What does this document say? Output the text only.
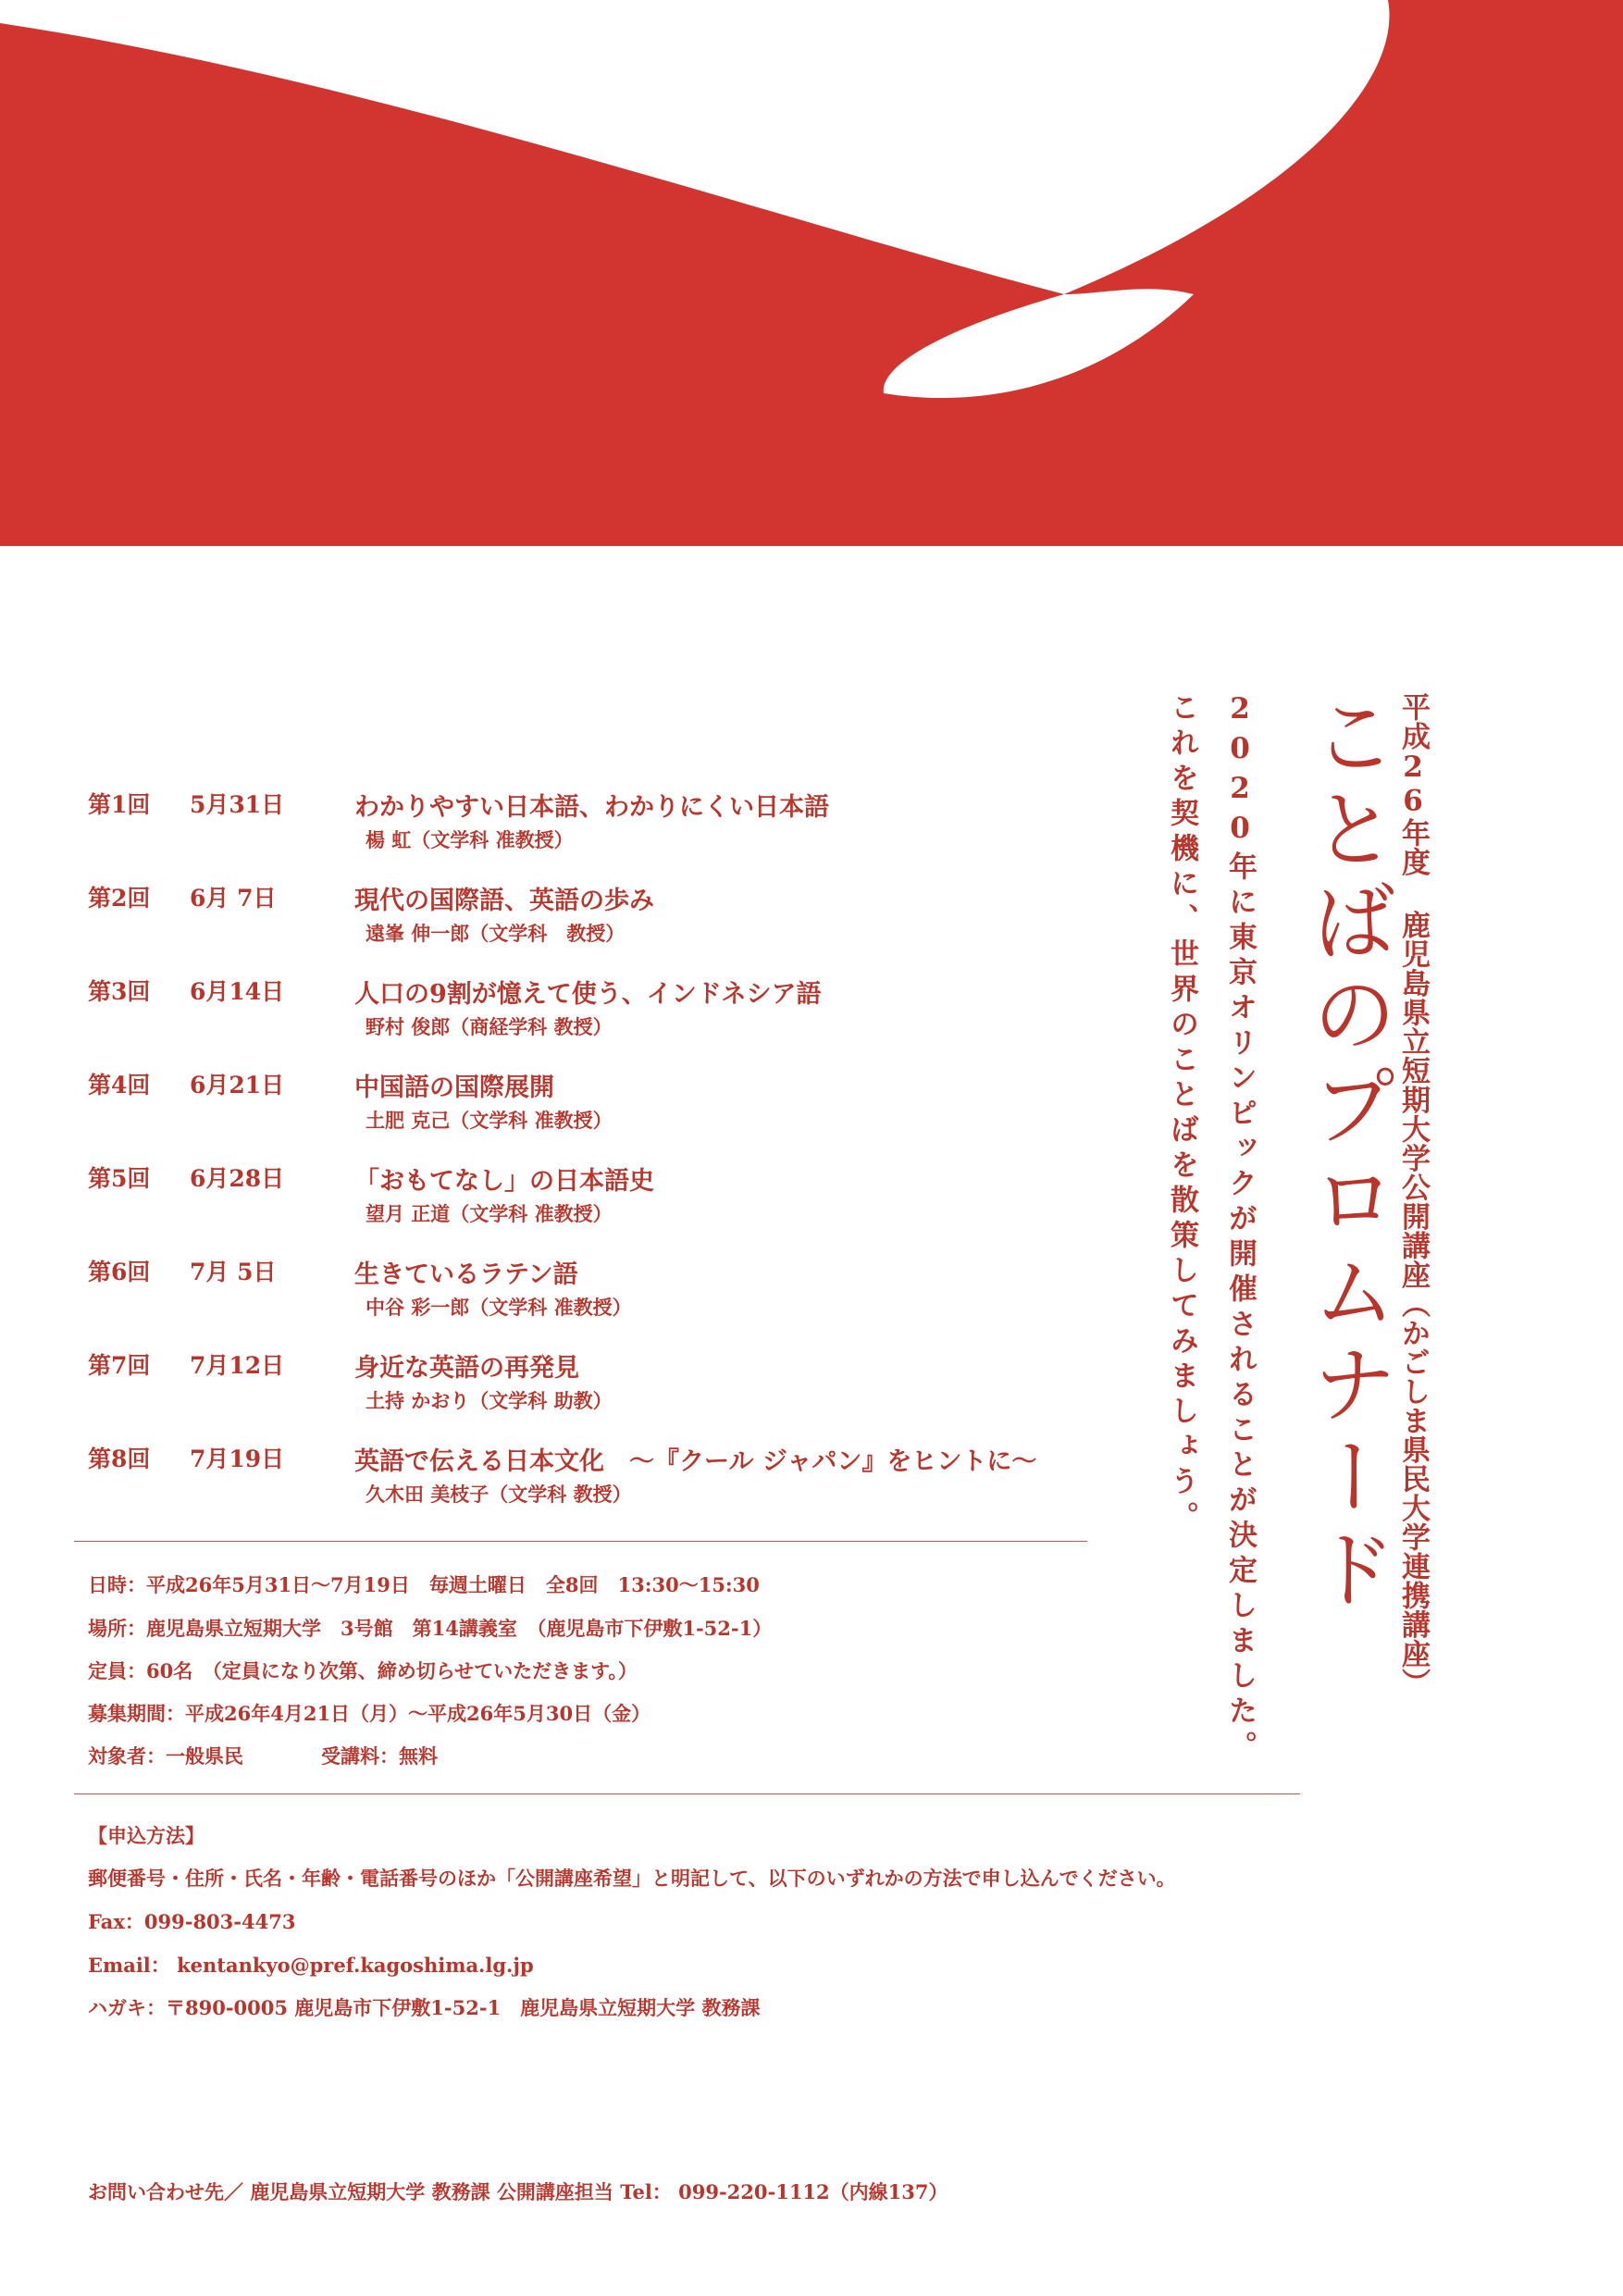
平成26年度 鹿児島県立短期大学公開講座（かごしま県民大学連携講座）
ことばのプロムナード
2020年に東京オリンピックが開催されることが決定しました。
これを契機に、世界のことばを散策してみましょう。
第1回 5月31日	わかりやすい日本語、わかりにくい日本語
楊 虹（文学科 准教授）
第2回 6月 7日	現代の国際語、英語の歩み
遠峯 伸一郎（文学科　教授）
第3回 6月14日	人口の9割が憶えて使う、インドネシア語
野村 俊郎（商経学科 教授）
第4回 6月21日	中国語の国際展開
土肥 克己（文学科 准教授）
第5回 6月28日	「おもてなし」の日本語史
望月 正道（文学科 准教授）
第6回 7月 5日	生きているラテン語
中谷 彩一郎（文学科 准教授）
第7回 7月12日	身近な英語の再発見
土持 かおり（文学科 助教）
第8回 7月19日	英語で伝える日本文化　～『クール ジャパン』をヒントに～
久木田 美枝子（文学科 教授）
日時：平成26年5月31日～7月19日　毎週土曜日　全8回　13:30～15:30
場所：鹿児島県立短期大学　3号館　第14講義室　（鹿児島市下伊敷1-52-1）
定員：60名　（定員になり次第、締め切らせていただきます。）
募集期間：平成26年4月21日（月）～平成26年5月30日（金）
対象者：一般県民　　　　受講料：無料
【申込方法】
郵便番号・住所・氏名・年齢・電話番号のほか「公開講座希望」と明記して、以下のいずれかの方法で申し込んでください。
Fax：099-803-4473
Email： kentankyo@pref.kagoshima.lg.jp
ハガキ：〒890-0005 鹿児島市下伊敷1-52-1　鹿児島県立短期大学 教務課
お問い合わせ先／ 鹿児島県立短期大学 教務課 公開講座担当 Tel： 099-220-1112（内線137）
